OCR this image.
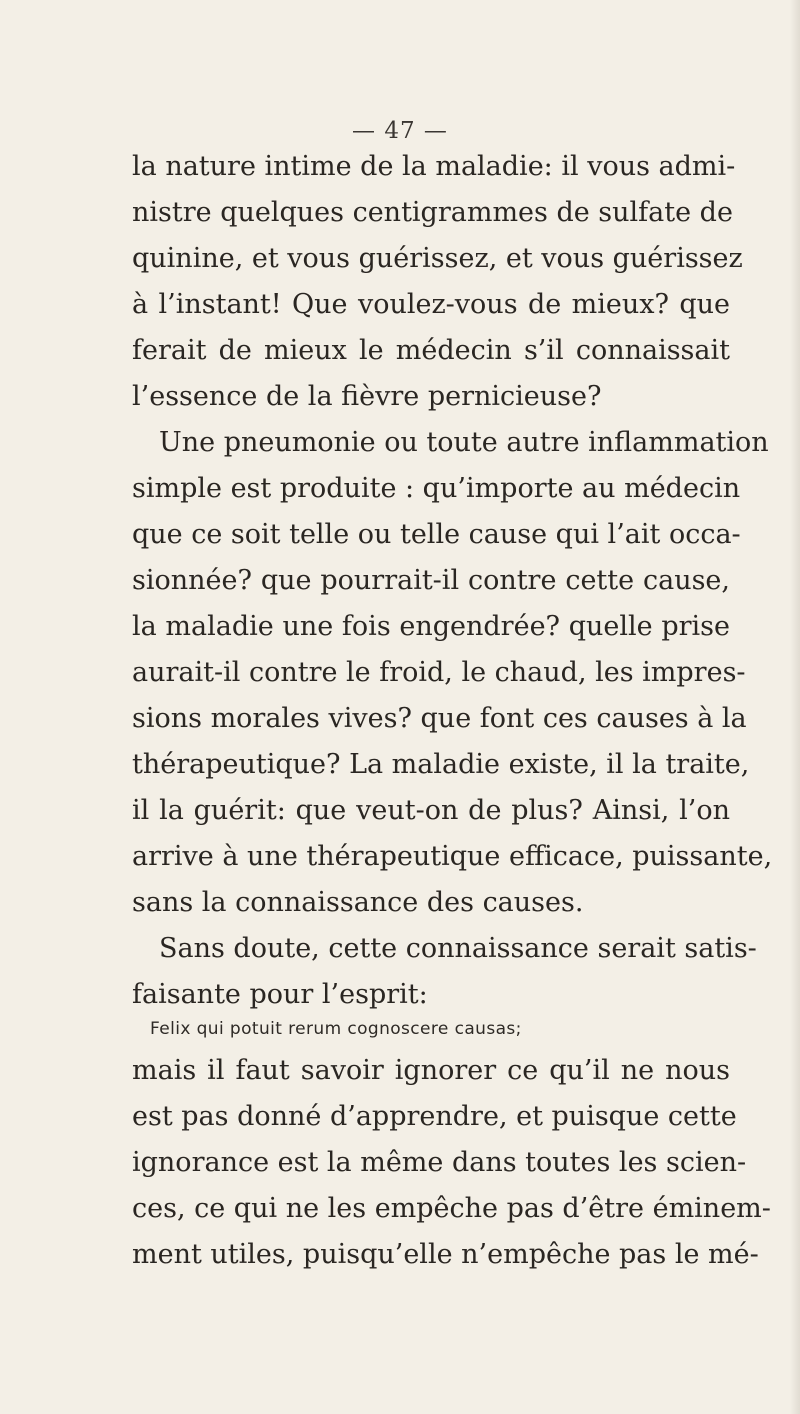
— 47 —
la nature intime de la maladie: il vous admi-
nistre quelques centigrammes de sulfate de
quinine, et vous guérissez, et vous guérissez
à l’instant! Que voulez-vous de mieux? que
ferait de mieux le médecin s’il connaissait
l’essence de la fièvre pernicieuse?
Une pneumonie ou toute autre inflammation
simple est produite : qu’importe au médecin
que ce soit telle ou telle cause qui l’ait occa-
sionnée? que pourrait-il contre cette cause,
la maladie une fois engendrée? quelle prise
aurait-il contre le froid, le chaud, les impres-
sions morales vives? que font ces causes à la
thérapeutique? La maladie existe, il la traite,
il la guérit: que veut-on de plus? Ainsi, l’on
arrive à une thérapeutique efficace, puissante,
sans la connaissance des causes.
Sans doute, cette connaissance serait satis-
faisante pour l’esprit:
Felix qui potuit rerum cognoscere causas;
mais il faut savoir ignorer ce qu’il ne nous
est pas donné d’apprendre, et puisque cette
ignorance est la même dans toutes les scien-
ces, ce qui ne les empêche pas d’être éminem-
ment utiles, puisqu’elle n’empêche pas le mé-
